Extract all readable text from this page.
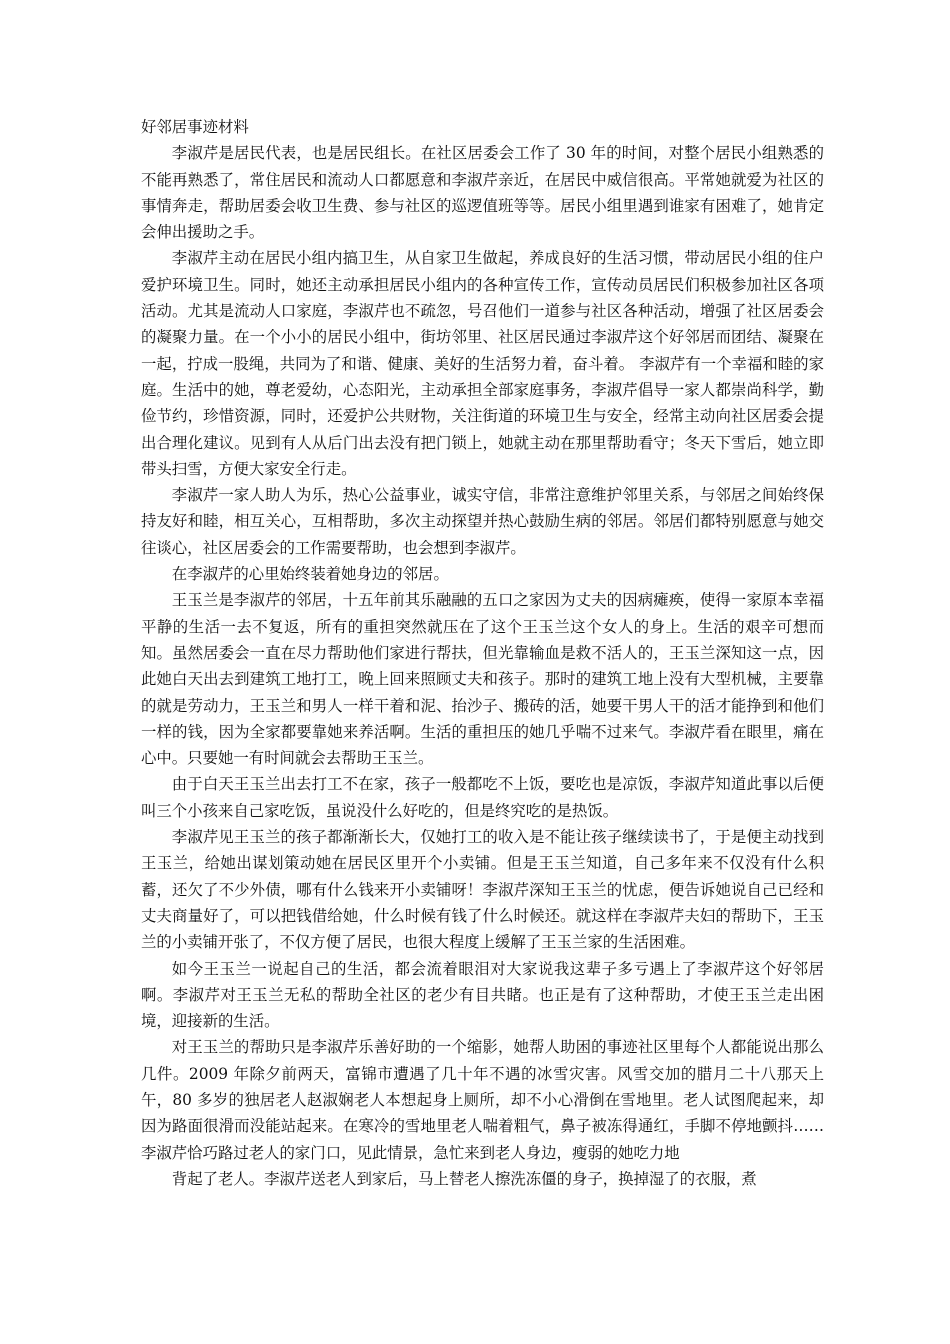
好邻居事迹材料

李淑芹是居民代表，也是居民组长。在社区居委会工作了 30 年的时间，对整个居民小组熟悉的不能再熟悉了，常住居民和流动人口都愿意和李淑芹亲近，在居民中威信很高。平常她就爱为社区的事情奔走，帮助居委会收卫生费、参与社区的巡逻值班等等。居民小组里遇到谁家有困难了，她肯定会伸出援助之手。

李淑芹主动在居民小组内搞卫生，从自家卫生做起，养成良好的生活习惯，带动居民小组的住户爱护环境卫生。同时，她还主动承担居民小组内的各种宣传工作，宣传动员居民们积极参加社区各项活动。尤其是流动人口家庭，李淑芹也不疏忽，号召他们一道参与社区各种活动，增强了社区居委会的凝聚力量。在一个小小的居民小组中，街坊邻里、社区居民通过李淑芹这个好邻居而团结、凝聚在一起，拧成一股绳，共同为了和谐、健康、美好的生活努力着，奋斗着。 李淑芹有一个幸福和睦的家庭。生活中的她，尊老爱幼，心态阳光，主动承担全部家庭事务，李淑芹倡导一家人都崇尚科学，勤俭节约，珍惜资源，同时，还爱护公共财物，关注街道的环境卫生与安全，经常主动向社区居委会提出合理化建议。见到有人从后门出去没有把门锁上，她就主动在那里帮助看守；冬天下雪后，她立即带头扫雪，方便大家安全行走。

李淑芹一家人助人为乐，热心公益事业，诚实守信，非常注意维护邻里关系，与邻居之间始终保持友好和睦，相互关心，互相帮助，多次主动探望并热心鼓励生病的邻居。邻居们都特别愿意与她交往谈心，社区居委会的工作需要帮助，也会想到李淑芹。

在李淑芹的心里始终装着她身边的邻居。

王玉兰是李淑芹的邻居，十五年前其乐融融的五口之家因为丈夫的因病瘫痪，使得一家原本幸福平静的生活一去不复返，所有的重担突然就压在了这个王玉兰这个女人的身上。生活的艰辛可想而知。虽然居委会一直在尽力帮助他们家进行帮扶，但光靠输血是救不活人的，王玉兰深知这一点，因此她白天出去到建筑工地打工，晚上回来照顾丈夫和孩子。那时的建筑工地上没有大型机械，主要靠的就是劳动力，王玉兰和男人一样干着和泥、抬沙子、搬砖的活，她要干男人干的活才能挣到和他们一样的钱，因为全家都要靠她来养活啊。生活的重担压的她几乎喘不过来气。李淑芹看在眼里，痛在心中。只要她一有时间就会去帮助王玉兰。

由于白天王玉兰出去打工不在家，孩子一般都吃不上饭，要吃也是凉饭，李淑芹知道此事以后便叫三个小孩来自己家吃饭，虽说没什么好吃的，但是终究吃的是热饭。

李淑芹见王玉兰的孩子都渐渐长大，仅她打工的收入是不能让孩子继续读书了，于是便主动找到王玉兰，给她出谋划策动她在居民区里开个小卖铺。但是王玉兰知道，自己多年来不仅没有什么积蓄，还欠了不少外债，哪有什么钱来开小卖铺呀！李淑芹深知王玉兰的忧虑，便告诉她说自己已经和丈夫商量好了，可以把钱借给她，什么时候有钱了什么时候还。就这样在李淑芹夫妇的帮助下，王玉兰的小卖铺开张了，不仅方便了居民，也很大程度上缓解了王玉兰家的生活困难。

如今王玉兰一说起自己的生活，都会流着眼泪对大家说我这辈子多亏遇上了李淑芹这个好邻居啊。李淑芹对王玉兰无私的帮助全社区的老少有目共睹。也正是有了这种帮助，才使王玉兰走出困境，迎接新的生活。

对王玉兰的帮助只是李淑芹乐善好助的一个缩影，她帮人助困的事迹社区里每个人都能说出那么几件。2009 年除夕前两天，富锦市遭遇了几十年不遇的冰雪灾害。风雪交加的腊月二十八那天上午，80 多岁的独居老人赵淑娴老人本想起身上厕所，却不小心滑倒在雪地里。老人试图爬起来，却因为路面很滑而没能站起来。在寒冷的雪地里老人喘着粗气，鼻子被冻得通红，手脚不停地颤抖……李淑芹恰巧路过老人的家门口，见此情景，急忙来到老人身边，瘦弱的她吃力地

背起了老人。李淑芹送老人到家后，马上替老人擦洗冻僵的身子，换掉湿了的衣服，煮
